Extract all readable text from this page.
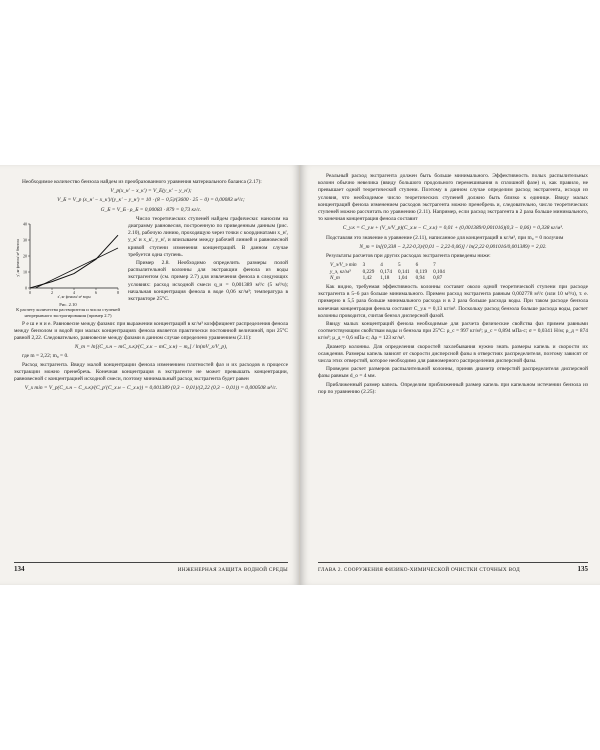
Необходимое количество бензола найдем из преобразованного уравнения материального баланса (2.17):

V_р(x_н' − x_к') = V_E(y_к' − y_н');
V_Б = V_р (x_н' − x_к')/(y_к' − y_н') = 10 · (8 − 0,5)/(3600 · 25 − 0) = 0,00083 м³/с;
G_Б = V_Б · ρ_Б = 0,00083 · 879 = 0,73 кг/с.
0	2	4	6	8
0
10
20
30
40
у', кг фенола/ м³ бензола
х', кг фенола/ м³ воды
Рис. 2.10
К расчету количества растворителя и числа ступеней непрерывного экстрагирования (пример 2.7)

Число теоретических ступеней найдем графически: наносим на диаграмму равновесия, построенную по приведенным данным (рис. 2.10), рабочую линию, проходящую через точки с координатами x_н', y_к' и x_к', y_н', и вписываем между рабочей линией и равновесной кривой ступени изменения концентраций. В данном случае требуется одна ступень.

Пример 2.8. Необходимо определить размеры полой распылительной колонны для экстракции фенола из воды экстрагентом (см. пример 2.7) для извлечения фенола в следующих условиях: расход исходной смеси q_и = 0,001389 м³/с (5 м³/ч); начальная концентрация фенола в воде 0,06 кг/м³; температура в экстракторе 25°С.

Р е ш е н и е. Равновесие между фазами: при выражении концентраций в кг/м³ коэффициент распределения фенола между бензолом и водой при малых концентрациях фенола является практически постоянной величиной, при 25°С равной 2,22. Следовательно, равновесие между фазами в данном случае определено уравнением (2.11):

N_т = ln[(C_х.н − mC_х.к)/(C_х.к − mC_х.н) − m₀] / ln(mV_х/V_р),

где m = 2,22; m₀ = 0.

Расход экстрагента. Ввиду малой концентрации фенола изменением плотностей фаз и их расходов в процессе экстракции можно пренебречь. Конечная концентрация в экстрагенте не может превышать концентрации, равновесной с концентрацией исходной смеси, поэтому минимальный расход экстрагента будет равен

V_х min = V_р(C_х.н − C_х.к)/(C_р'(C_х.н − C_х.к)) = 0,001389 (0,3 − 0,01)/(2,22 (0,3 − 0,01)) = 0,000508 м³/с.
134	ИНЖЕНЕРНАЯ ЗАЩИТА ВОДНОЙ СРЕДЫ

Реальный расход экстрагента должен быть больше минимального. Эффективность полых распылительных колонн обычно невелика (ввиду большого продольного перемешивания в сплошной фазе) и, как правило, не превышает одной теоретической ступени. Поэтому в данном случае определим расход экстрагента, исходя из условия, что необходимое число теоретических ступеней должно быть близко к единице. Ввиду малых концентраций фенола изменением расходов экстрагента можно пренебречь и, следовательно, число теоретических ступеней можно рассчитать по уравнению (2.11). Например, если расход экстрагента в 2 раза больше минимального, то конечная концентрация фенола составит

C_у.к = C_у.н + (V_х/V_р)(C_х.н − C_х.к) = 0,01 + (0,001389/0,001016)(0,3 − 0,06) = 0,338 кг/м³.

Подставляя это значение в уравнение (2.11), написанное для концентраций в кг/м³, при m₀ = 0 получим

N_т = ln[(0,338 − 2,22·0,3)/(0,01 − 2,22·0,06)] / ln(2,22·0,001016/0,001389) = 2,02.

Результаты расчетов при других расходах экстрагента приведены ниже:

V_э/V_э min	3	4	5	6	7
у_э, кг/м³	0,229	0,174	0,141	0,119	0,104
N_т	1,42	1,18	1,04	0,94	0,87

Как видно, требуемая эффективность колонны составит около одной теоретической ступени при расходе экстрагента в 5–6 раз больше минимального. Примем расход экстрагента равным 0,002778 м³/с (или 10 м³/ч), т. е. примерно в 5,5 раза больше минимального расхода и в 2 раза больше расхода воды. При таком расходе бензола конечная концентрация фенола составит C_у.к = 0,13 кг/м³. Поскольку расход бензола больше расхода воды, расчет колонны проводится, считая бензол дисперсной фазой.

Ввиду малых концентраций фенола необходимые для расчета физические свойства фаз примем равными соответствующим свойствам воды и бензола при 25°С: ρ_с = 997 кг/м³; μ_с = 0,894 мПа·с; σ = 0,0341 Н/м; ρ_д = 874 кг/м³; μ_д = 0,6 мПа·с; Δρ = 123 кг/м³.

Диаметр колонны. Для определения скоростей захлебывания нужно знать размеры капель и скорости их осаждения. Размеры капель зависят от скорости дисперсной фазы в отверстиях распределителя, поэтому зависят от числа этих отверстий, которое необходимо для равномерного распределения дисперсной фазы.

Проведем расчет размеров распылительной колонны, приняв диаметр отверстий распределителя дисперсной фазы равным d_о = 4 мм.

Приближенный размер капель. Определим приближенный размер капель при капельном истечении бензола из пор по уравнению (2.25):

ГЛАВА 2. СООРУЖЕНИЯ ФИЗИКО-ХИМИЧЕСКОЙ ОЧИСТКИ СТОЧНЫХ ВОД	135
